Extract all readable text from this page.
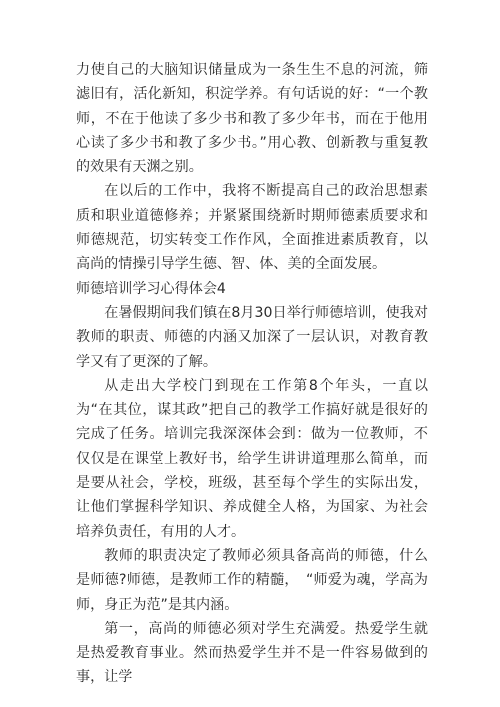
力使自己的大脑知识储量成为一条生生不息的河流，筛滤旧有，活化新知，积淀学养。有句话说的好：“一个教师，不在于他读了多少书和教了多少年书，而在于他用心读了多少书和教了多少书。”用心教、创新教与重复教的效果有天渊之别。

在以后的工作中，我将不断提高自己的政治思想素质和职业道德修养；并紧紧围绕新时期师德素质要求和师德规范，切实转变工作作风，全面推进素质教育，以高尚的情操引导学生德、智、体、美的全面发展。

师德培训学习心得体会4

在暑假期间我们镇在8月30日举行师德培训，使我对教师的职责、师德的内涵又加深了一层认识，对教育教学又有了更深的了解。

从走出大学校门到现在工作第8个年头，一直以为“在其位，谋其政”把自己的教学工作搞好就是很好的完成了任务。培训完我深深体会到：做为一位教师，不仅仅是在课堂上教好书，给学生讲讲道理那么简单，而是要从社会，学校，班级，甚至每个学生的实际出发，让他们掌握科学知识、养成健全人格，为国家、为社会培养负责任，有用的人才。

教师的职责决定了教师必须具备高尚的师德，什么是师德?师德，是教师工作的精髓，　“师爱为魂，学高为师，身正为范”是其内涵。

第一，高尚的师德必须对学生充满爱。热爱学生就是热爱教育事业。然而热爱学生并不是一件容易做到的事，让学
